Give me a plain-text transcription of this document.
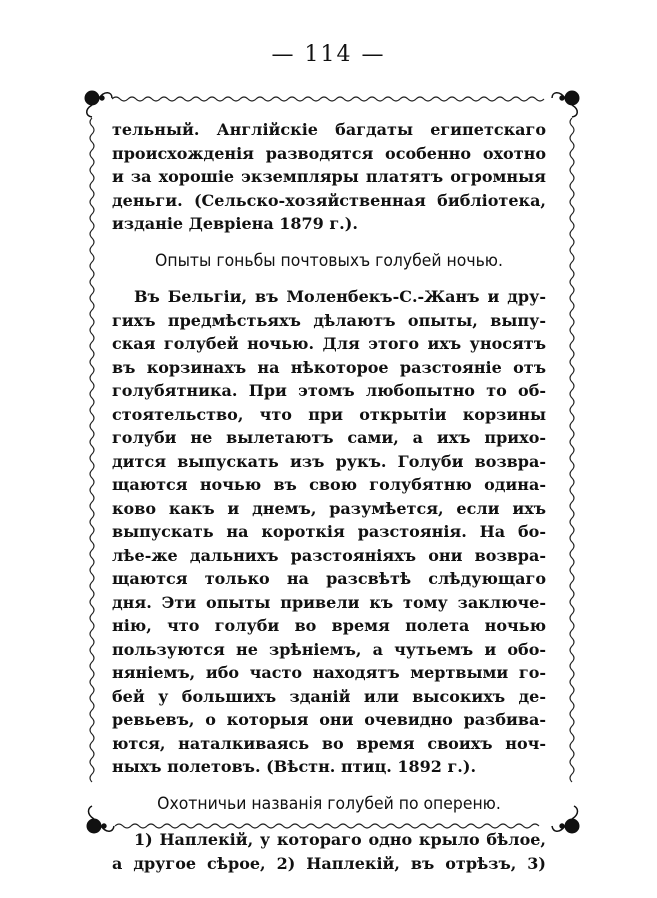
— 114 —
тельный. Англійскіе багдаты египетскаго
происхожденія разводятся особенно охотно
и за хорошіе экземпляры платятъ огромныя
деньги. (Сельско-хозяйственная библіотека,
изданіе Девріена 1879 г.).
Опыты гоньбы почтовыхъ голубей ночью.
Въ Бельгіи, въ Моленбекъ-С.-Жанъ и дру-
гихъ предмѣстьяхъ дѣлаютъ опыты, выпу-
ская голубей ночью. Для этого ихъ уносятъ
въ корзинахъ на нѣкоторое разстояніе отъ
голубятника. При этомъ любопытно то об-
стоятельство, что при открытіи корзины
голуби не вылетаютъ сами, а ихъ прихо-
дится выпускать изъ рукъ. Голуби возвра-
щаются ночью въ свою голубятню одина-
ково какъ и днемъ, разумѣется, если ихъ
выпускать на короткія разстоянія. На бо-
лѣе-же дальнихъ разстояніяхъ они возвра-
щаются только на разсвѣтѣ слѣдующаго
дня. Эти опыты привели къ тому заключе-
нію, что голуби во время полета ночью
пользуются не зрѣніемъ, а чутьемъ и обо-
няніемъ, ибо часто находятъ мертвыми го-
бей у большихъ зданій или высокихъ де-
ревьевъ, о которыя они очевидно разбива-
ются, наталкиваясь во время своихъ ноч-
ныхъ полетовъ. (Вѣстн. птиц. 1892 г.).
Охотничьи названія голубей по опереню.
1) Наплекій, у котораго одно крыло бѣлое,
а другое сѣрое, 2) Наплекій, въ отрѣзъ, 3)
